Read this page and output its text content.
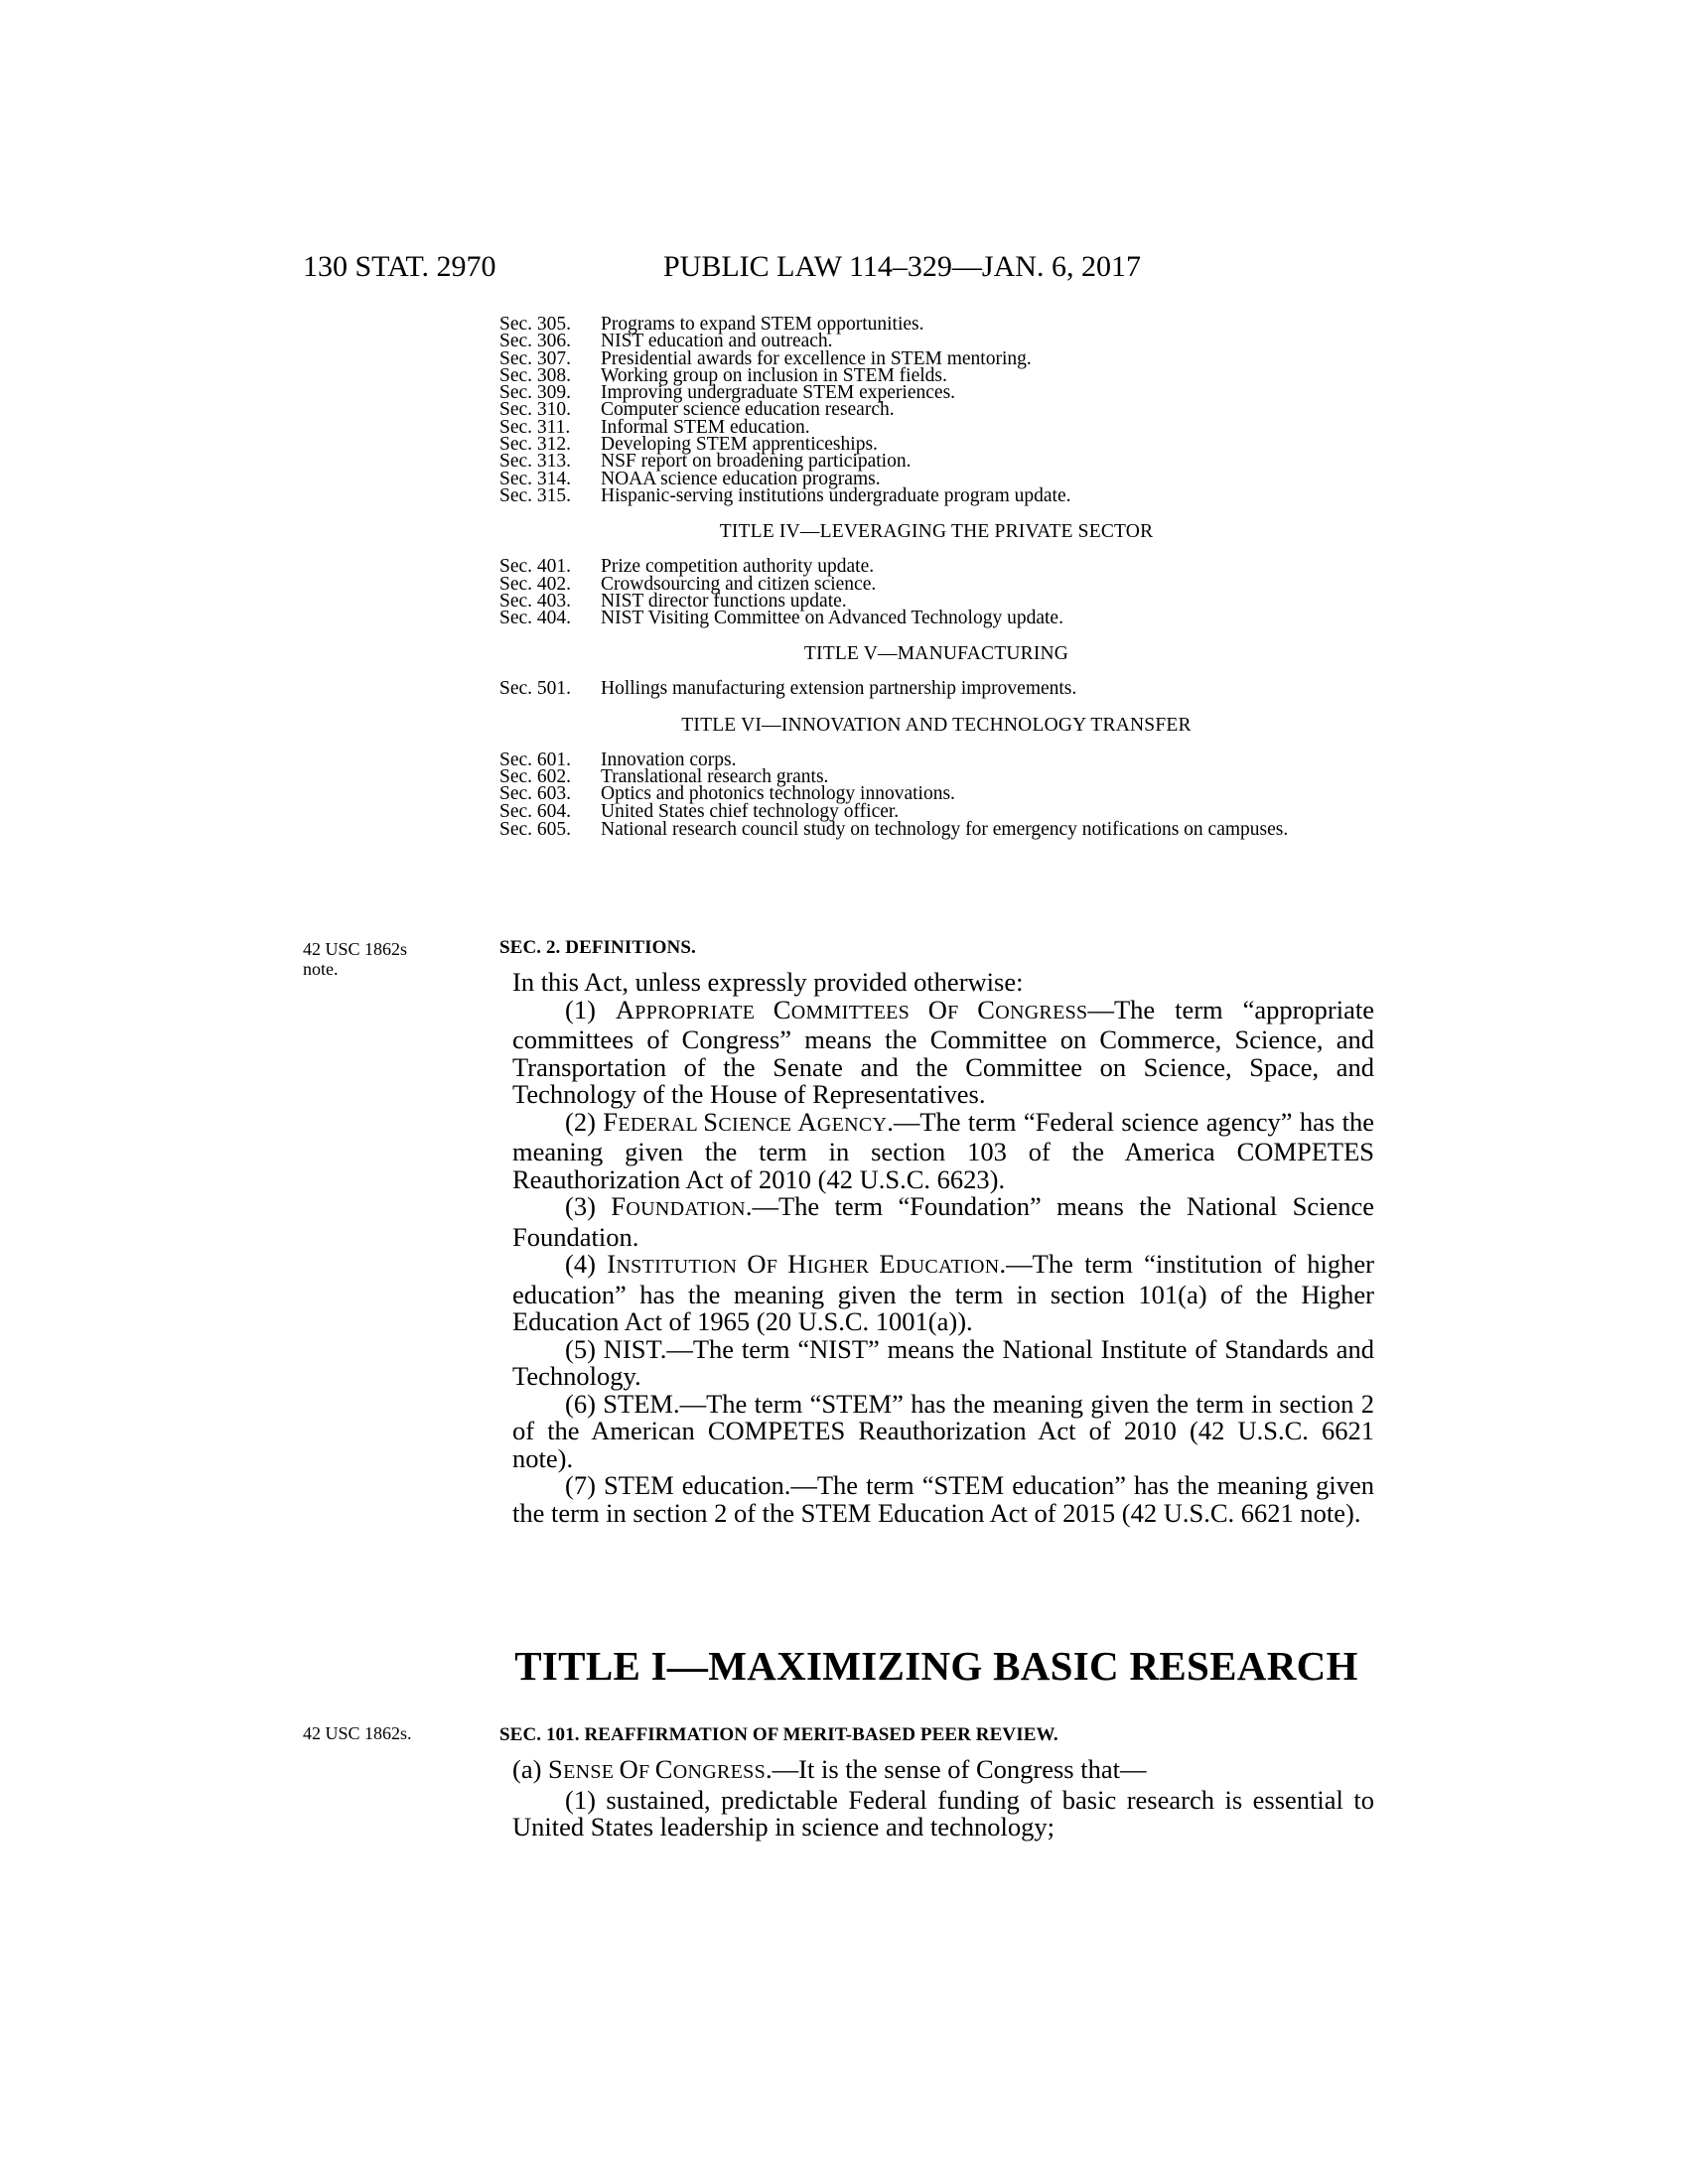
130 STAT. 2970	PUBLIC LAW 114–329—JAN. 6, 2017
Sec. 305.	Programs to expand STEM opportunities.
Sec. 306.	NIST education and outreach.
Sec. 307.	Presidential awards for excellence in STEM mentoring.
Sec. 308.	Working group on inclusion in STEM fields.
Sec. 309.	Improving undergraduate STEM experiences.
Sec. 310.	Computer science education research.
Sec. 311.	Informal STEM education.
Sec. 312.	Developing STEM apprenticeships.
Sec. 313.	NSF report on broadening participation.
Sec. 314.	NOAA science education programs.
Sec. 315.	Hispanic-serving institutions undergraduate program update.
TITLE IV—LEVERAGING THE PRIVATE SECTOR
Sec. 401.	Prize competition authority update.
Sec. 402.	Crowdsourcing and citizen science.
Sec. 403.	NIST director functions update.
Sec. 404.	NIST Visiting Committee on Advanced Technology update.
TITLE V—MANUFACTURING
Sec. 501.	Hollings manufacturing extension partnership improvements.
TITLE VI—INNOVATION AND TECHNOLOGY TRANSFER
Sec. 601.	Innovation corps.
Sec. 602.	Translational research grants.
Sec. 603.	Optics and photonics technology innovations.
Sec. 604.	United States chief technology officer.
Sec. 605.	National research council study on technology for emergency notifications on campuses.
42 USC 1862s
note.
42 USC 1862s.
SEC. 2. DEFINITIONS.

In this Act, unless expressly provided otherwise:

(1) APPROPRIATE COMMITTEES OF CONGRESS—The term “appropriate committees of Congress” means the Committee on Commerce, Science, and Transportation of the Senate and the Committee on Science, Space, and Technology of the House of Representatives.

(2) FEDERAL SCIENCE AGENCY.—The term “Federal science agency” has the meaning given the term in section 103 of the America COMPETES Reauthorization Act of 2010 (42 U.S.C. 6623).

(3) FOUNDATION.—The term “Foundation” means the National Science Foundation.

(4) INSTITUTION OF HIGHER EDUCATION.—The term “institution of higher education” has the meaning given the term in section 101(a) of the Higher Education Act of 1965 (20 U.S.C. 1001(a)).

(5) NIST.—The term “NIST” means the National Institute of Standards and Technology.

(6) STEM.—The term “STEM” has the meaning given the term in section 2 of the American COMPETES Reauthorization Act of 2010 (42 U.S.C. 6621 note).

(7) STEM education.—The term “STEM education” has the meaning given the term in section 2 of the STEM Education Act of 2015 (42 U.S.C. 6621 note).

TITLE I—MAXIMIZING BASIC RESEARCH
SEC. 101. REAFFIRMATION OF MERIT-BASED PEER REVIEW.

(a) SENSE OF CONGRESS.—It is the sense of Congress that—

(1) sustained, predictable Federal funding of basic research is essential to United States leadership in science and technology;
